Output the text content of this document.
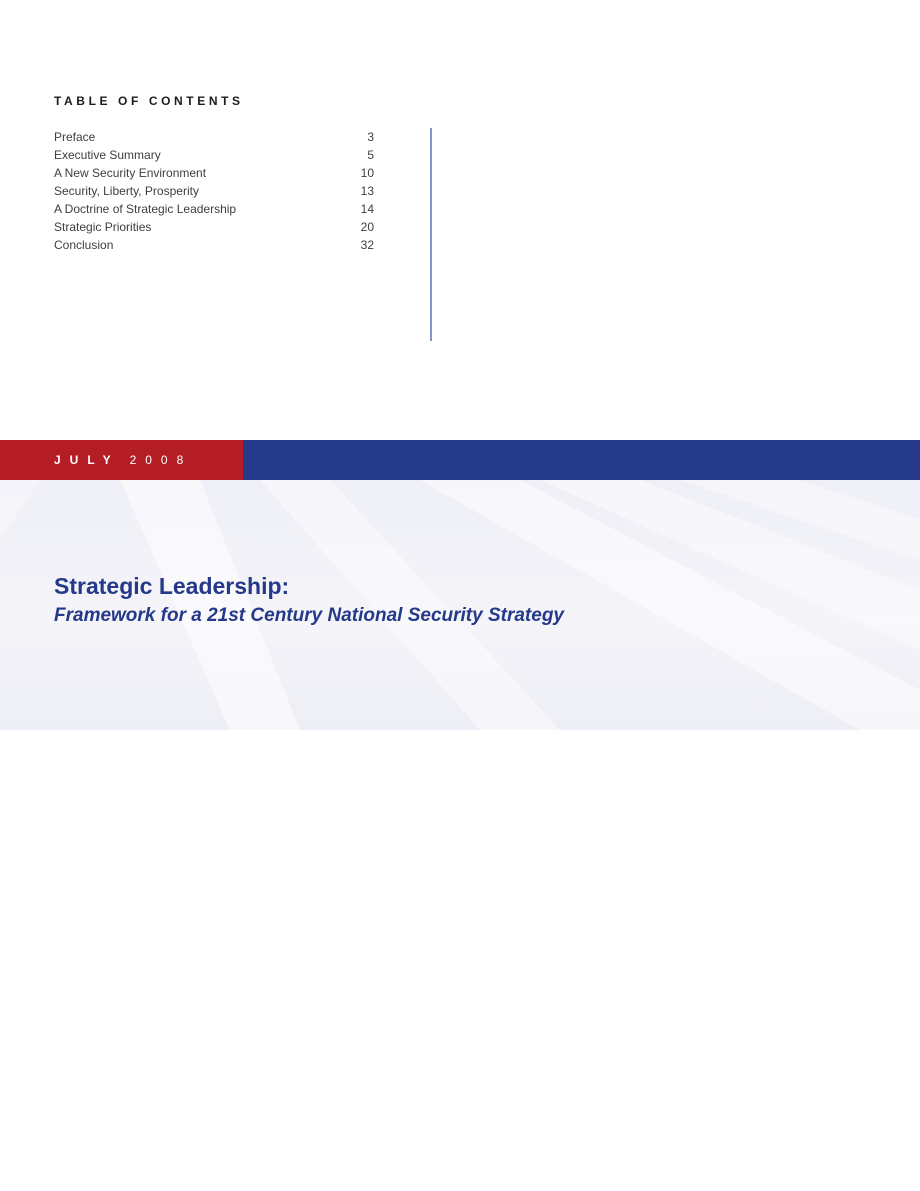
TABLE OF CONTENTS
Preface	3
Executive Summary	5
A New Security Environment	10
Security, Liberty, Prosperity	13
A Doctrine of Strategic Leadership	14
Strategic Priorities	20
Conclusion	32
JULY 2008
Strategic Leadership:
Framework for a 21st Century National Security Strategy
